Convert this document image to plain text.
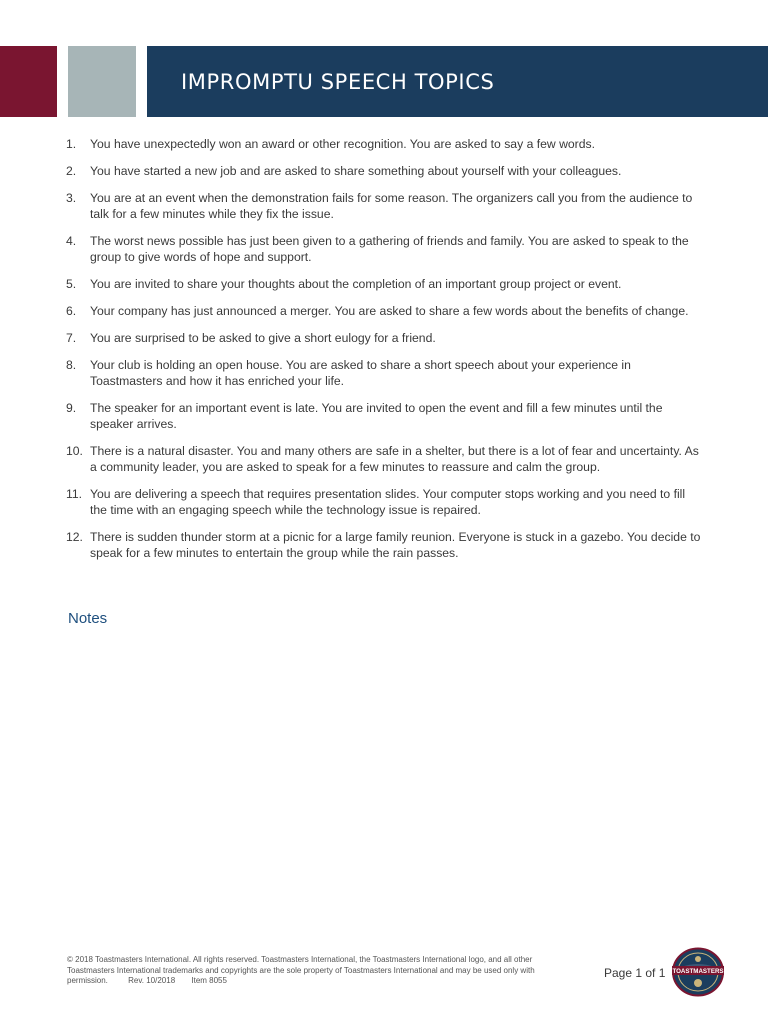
IMPROMPTU SPEECH TOPICS
1.	You have unexpectedly won an award or other recognition. You are asked to say a few words.
2.	You have started a new job and are asked to share something about yourself with your colleagues.
3.	You are at an event when the demonstration fails for some reason. The organizers call you from the audience to talk for a few minutes while they fix the issue.
4.	The worst news possible has just been given to a gathering of friends and family. You are asked to speak to the group to give words of hope and support.
5.	You are invited to share your thoughts about the completion of an important group project or event.
6.	Your company has just announced a merger. You are asked to share a few words about the benefits of change.
7.	You are surprised to be asked to give a short eulogy for a friend.
8.	Your club is holding an open house. You are asked to share a short speech about your experience in Toastmasters and how it has enriched your life.
9.	The speaker for an important event is late. You are invited to open the event and fill a few minutes until the speaker arrives.
10. There is a natural disaster. You and many others are safe in a shelter, but there is a lot of fear and uncertainty. As a community leader, you are asked to speak for a few minutes to reassure and calm the group.
11. You are delivering a speech that requires presentation slides. Your computer stops working and you need to fill the time with an engaging speech while the technology issue is repaired.
12. There is sudden thunder storm at a picnic for a large family reunion. Everyone is stuck in a gazebo. You decide to speak for a few minutes to entertain the group while the rain passes.
Notes
© 2018 Toastmasters International. All rights reserved. Toastmasters International, the Toastmasters International logo, and all other Toastmasters International trademarks and copyrights are the sole property of Toastmasters International and may be used only with permission.	Rev. 10/2018 Item 8055
Page 1 of 1 TOASTMASTERS
